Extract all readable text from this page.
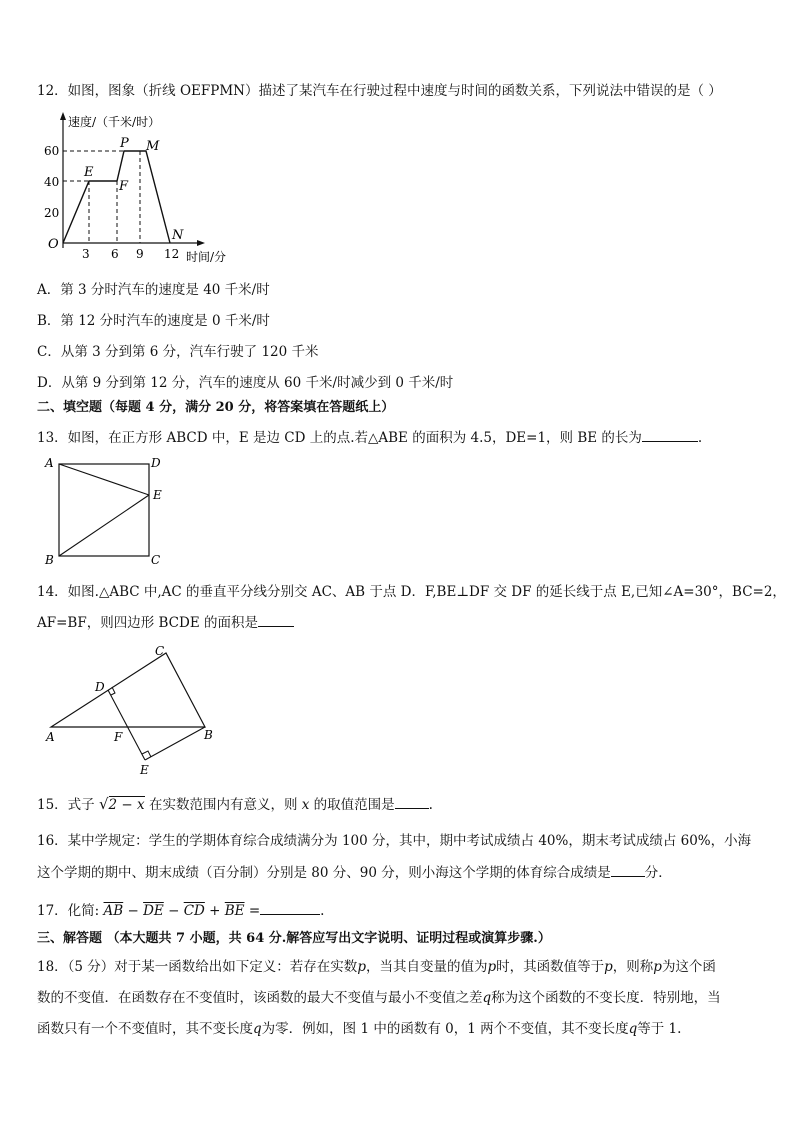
12．如图，图象（折线 OEFPMN）描述了某汽车在行驶过程中速度与时间的函数关系，下列说法中错误的是（ ）
速度/（千米/时）
时间/分
60
40
20
3 6 9 12
O
E
F
P M
N
A．第 3 分时汽车的速度是 40 千米/时
B．第 12 分时汽车的速度是 0 千米/时
C．从第 3 分到第 6 分，汽车行驶了 120 千米
D．从第 9 分到第 12 分，汽车的速度从 60 千米/时减少到 0 千米/时
二、填空题（每题 4 分，满分 20 分，将答案填在答题纸上）
13．如图，在正方形 ABCD 中，E 是边 CD 上的点.若△ABE 的面积为 4.5，DE=1，则 BE 的长为	.
A	D
E
B	C
14．如图.△ABC 中,AC 的垂直平分线分别交 AC、AB 于点 D．F,BE⊥DF 交 DF 的延长线于点 E,已知∠A=30°，BC=2，
AF=BF，则四边形 BCDE 的面积是
C
D
A	F	B
E
15．式子 √2 − x 在实数范围内有意义，则 x 的取值范围是	.
16．某中学规定：学生的学期体育综合成绩满分为 100 分，其中，期中考试成绩占 40%，期末考试成绩占 60%，小海
这个学期的期中、期末成绩（百分制）分别是 80 分、90 分，则小海这个学期的体育综合成绩是	分．
17．化简: $\overline{AB} - \overline{DE} - \overline{CD} + \overline{BE}$ =	.
三、解答题 （本大题共 7 小题，共 64 分.解答应写出文字说明、证明过程或演算步骤.）
18．（5 分）对于某一函数给出如下定义：若存在实数p，当其自变量的值为p时，其函数值等于p，则称p为这个函
数的不变值．在函数存在不变值时，该函数的最大不变值与最小不变值之差q称为这个函数的不变长度．特别地，当
函数只有一个不变值时，其不变长度q为零．例如，图 1 中的函数有 0，1 两个不变值，其不变长度q等于 1.
